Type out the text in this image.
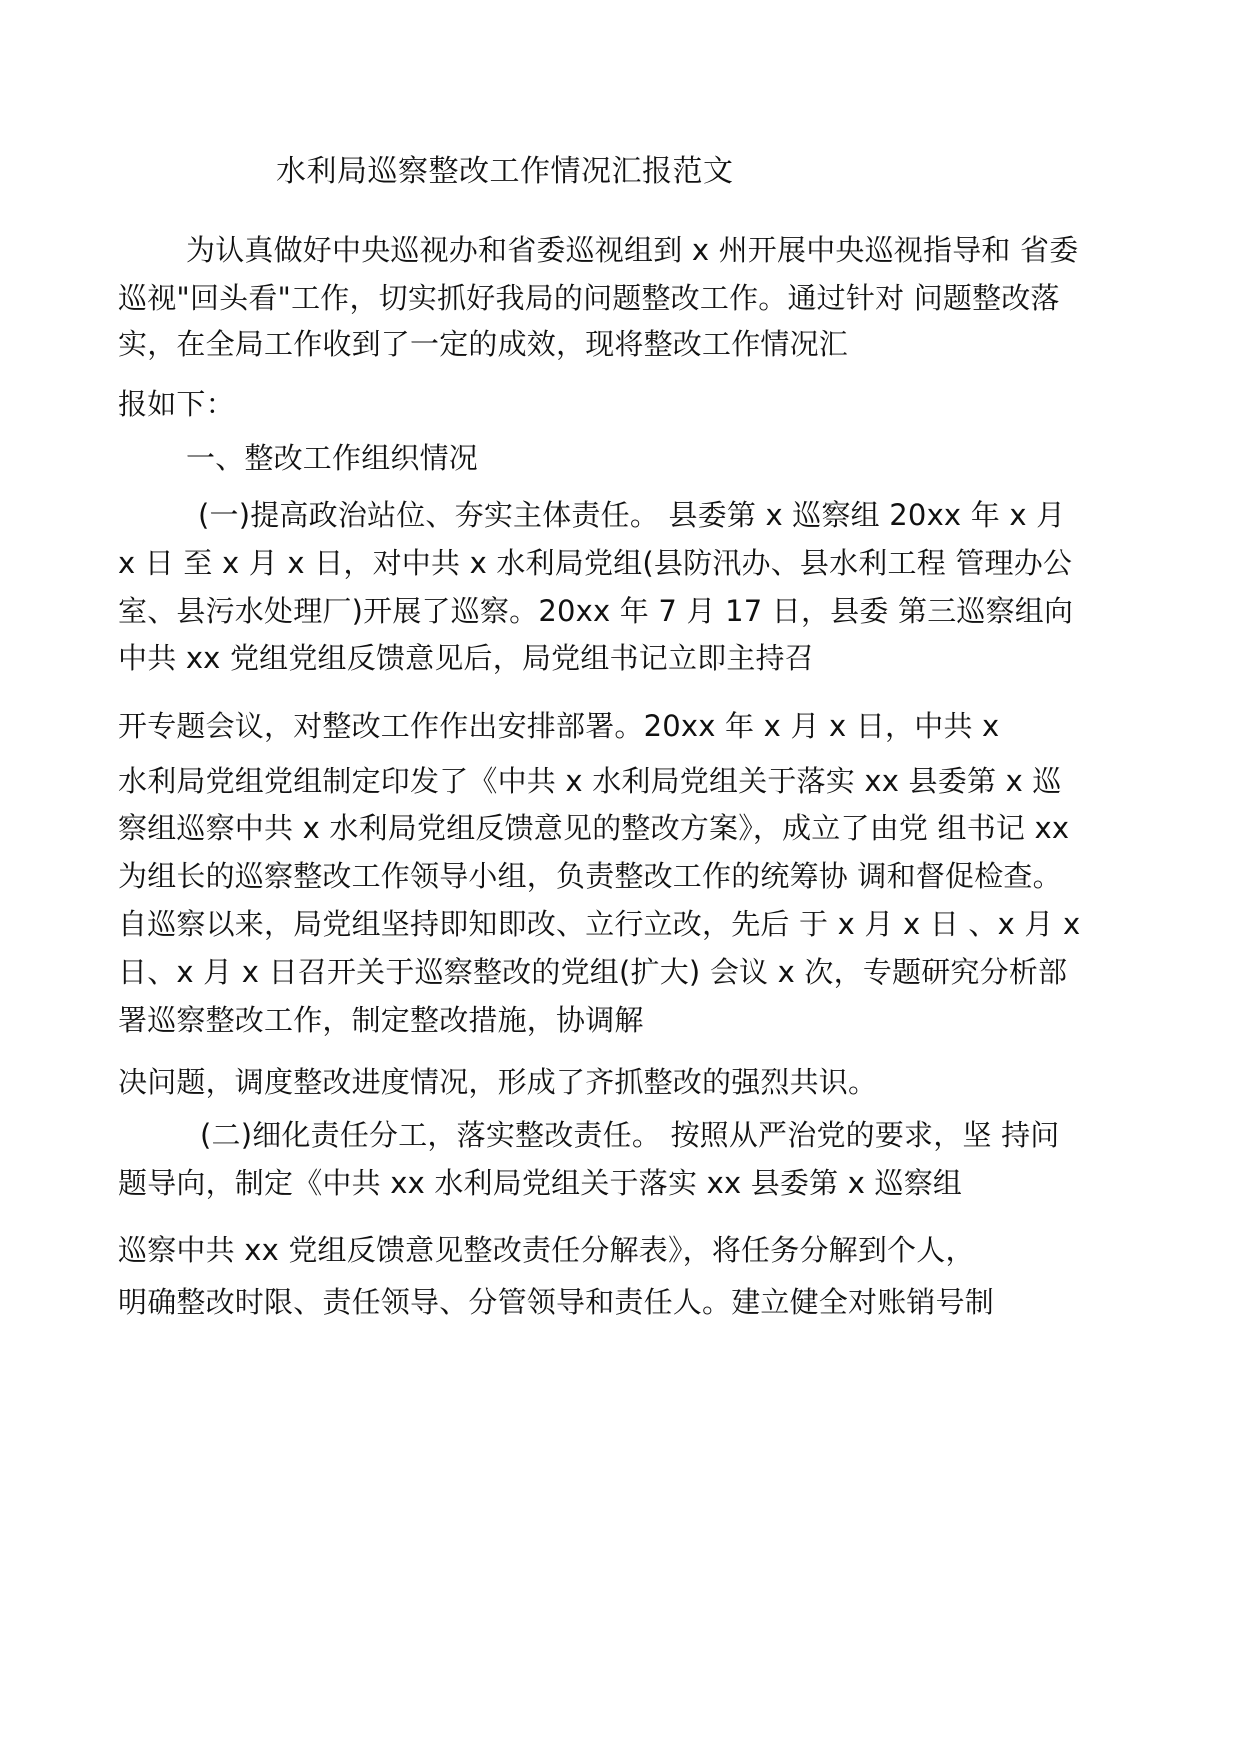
水利局巡察整改工作情况汇报范文
为认真做好中央巡视办和省委巡视组到 x 州开展中央巡视指导和 省委
巡视"回头看"工作，切实抓好我局的问题整改工作。通过针对 问题整改落
实，在全局工作收到了一定的成效，现将整改工作情况汇
报如下：
一、整改工作组织情况
(一)提高政治站位、夯实主体责任。 县委第 x 巡察组 20xx 年 x 月
x 日 至 x 月 x 日，对中共 x 水利局党组(县防汛办、县水利工程 管理办公
室、县污水处理厂)开展了巡察。20xx 年 7 月 17 日，县委 第三巡察组向
中共 xx 党组党组反馈意见后，局党组书记立即主持召
开专题会议，对整改工作作出安排部署。20xx 年 x 月 x 日，中共 x
水利局党组党组制定印发了《中共 x 水利局党组关于落实 xx 县委第 x 巡
察组巡察中共 x 水利局党组反馈意见的整改方案》，成立了由党 组书记 xx
为组长的巡察整改工作领导小组，负责整改工作的统筹协 调和督促检查。
自巡察以来，局党组坚持即知即改、立行立改，先后 于 x 月 x 日 、x 月 x
日、x 月 x 日召开关于巡察整改的党组(扩大) 会议 x 次，专题研究分析部
署巡察整改工作，制定整改措施，协调解
决问题，调度整改进度情况，形成了齐抓整改的强烈共识。
(二)细化责任分工，落实整改责任。 按照从严治党的要求，坚 持问
题导向，制定《中共 xx 水利局党组关于落实 xx 县委第 x 巡察组
巡察中共 xx 党组反馈意见整改责任分解表》，将任务分解到个人，
明确整改时限、责任领导、分管领导和责任人。建立健全对账销号制
